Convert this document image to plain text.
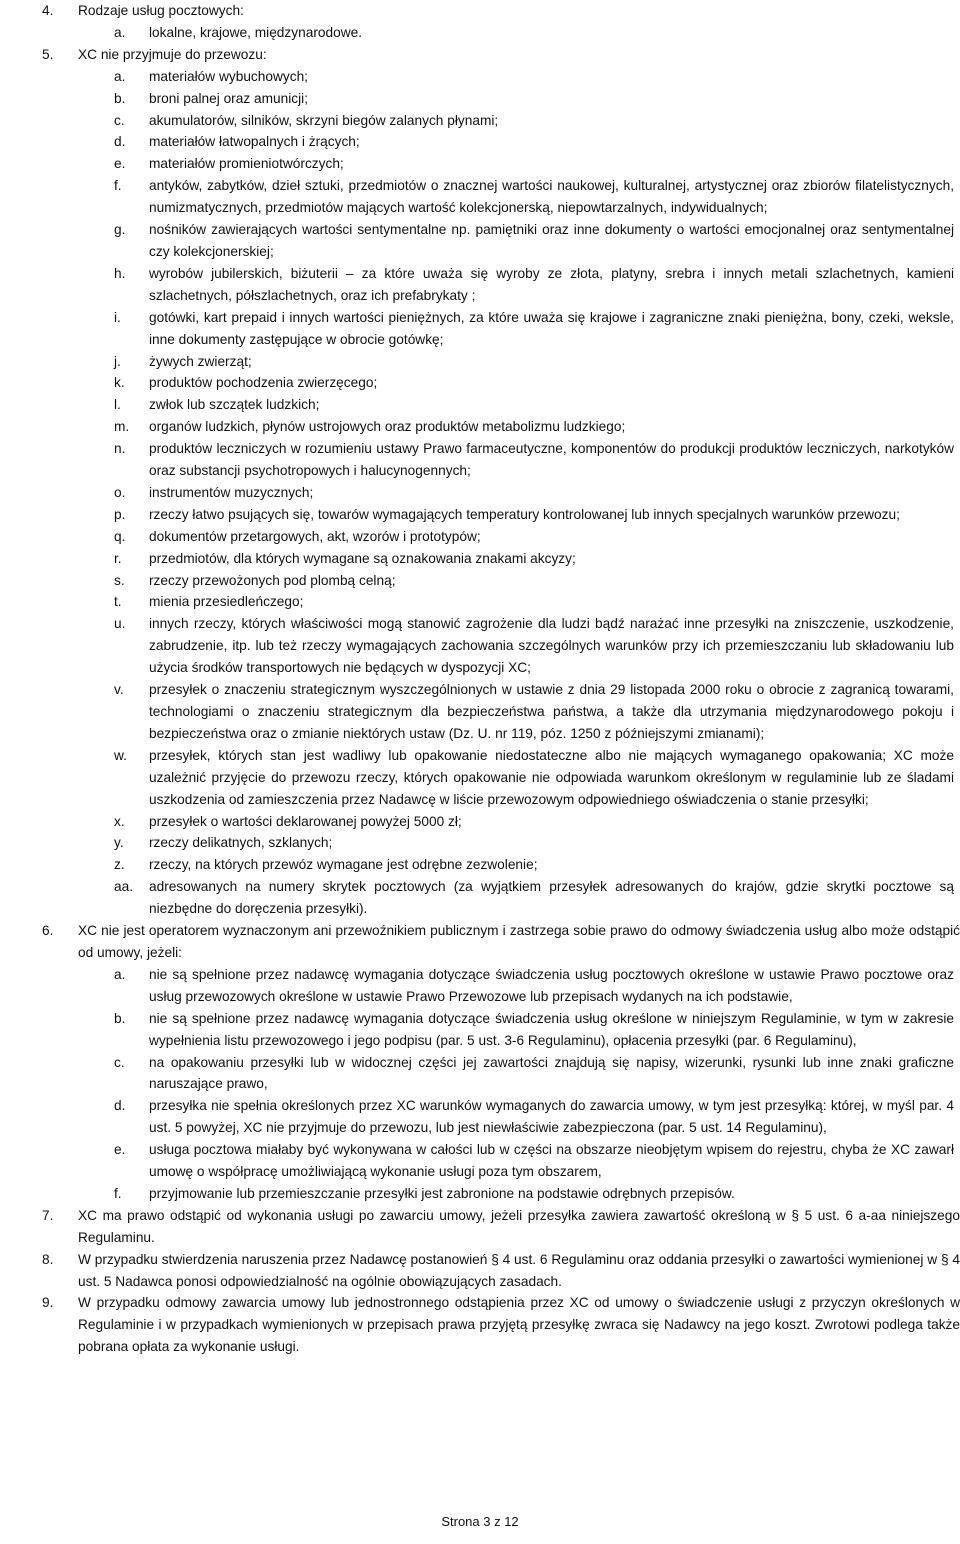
4. Rodzaje usług pocztowych:
a. lokalne, krajowe, międzynarodowe.
5. XC nie przyjmuje do przewozu:
a. materiałów wybuchowych;
b. broni palnej oraz amunicji;
c. akumulatorów, silników, skrzyni biegów zalanych płynami;
d. materiałów łatwopalnych i żrących;
e. materiałów promieniotwórczych;
f. antyków, zabytków, dzieł sztuki, przedmiotów o znacznej wartości naukowej, kulturalnej, artystycznej oraz zbiorów filatelistycznych, numizmatycznych, przedmiotów mających wartość kolekcjonerską, niepowtarzalnych, indywidualnych;
g. nośników zawierających wartości sentymentalne np. pamiętniki oraz inne dokumenty o wartości emocjonalnej oraz sentymentalnej czy kolekcjonerskiej;
h. wyrobów jubilerskich, biżuterii – za które uważa się wyroby ze złota, platyny, srebra i innych metali szlachetnych, kamieni szlachetnych, półszlachetnych, oraz ich prefabrykaty ;
i. gotówki, kart prepaid i innych wartości pieniężnych, za które uważa się krajowe i zagraniczne znaki pieniężna, bony, czeki, weksle, inne dokumenty zastępujące w obrocie gotówkę;
j. żywych zwierząt;
k. produktów pochodzenia zwierzęcego;
l. zwłok lub szczątek ludzkich;
m. organów ludzkich, płynów ustrojowych oraz produktów metabolizmu ludzkiego;
n. produktów leczniczych w rozumieniu ustawy Prawo farmaceutyczne, komponentów do produkcji produktów leczniczych, narkotyków oraz substancji psychotropowych i halucynogennych;
o. instrumentów muzycznych;
p. rzeczy łatwo psujących się, towarów wymagających temperatury kontrolowanej lub innych specjalnych warunków przewozu;
q. dokumentów przetargowych, akt, wzorów i prototypów;
r. przedmiotów, dla których wymagane są oznakowania znakami akcyzy;
s. rzeczy przewożonych pod plombą celną;
t. mienia przesiedleńczego;
u. innych rzeczy, których właściwości mogą stanowić zagrożenie dla ludzi bądź narażać inne przesyłki na zniszczenie, uszkodzenie, zabrudzenie, itp. lub też rzeczy wymagających zachowania szczególnych warunków przy ich przemieszczaniu lub składowaniu lub użycia środków transportowych nie będących w dyspozycji XC;
v. przesyłek o znaczeniu strategicznym wyszczególnionych w ustawie z dnia 29 listopada 2000 roku o obrocie z zagranicą towarami, technologiami o znaczeniu strategicznym dla bezpieczeństwa państwa, a także dla utrzymania międzynarodowego pokoju i bezpieczeństwa oraz o zmianie niektórych ustaw (Dz. U. nr 119, póz. 1250 z późniejszymi zmianami);
w. przesyłek, których stan jest wadliwy lub opakowanie niedostateczne albo nie mających wymaganego opakowania; XC może uzależnić przyjęcie do przewozu rzeczy, których opakowanie nie odpowiada warunkom określonym w regulaminie lub ze śladami uszkodzenia od zamieszczenia przez Nadawcę w liście przewozowym odpowiedniego oświadczenia o stanie przesyłki;
x. przesyłek o wartości deklarowanej powyżej 5000 zł;
y. rzeczy delikatnych, szklanych;
z. rzeczy, na których przewóz wymagane jest odrębne zezwolenie;
aa. adresowanych na numery skrytek pocztowych (za wyjątkiem przesyłek adresowanych do krajów, gdzie skrytki pocztowe są niezbędne do doręczenia przesyłki).
6. XC nie jest operatorem wyznaczonym ani przewoźnikiem publicznym i zastrzega sobie prawo do odmowy świadczenia usług albo może odstąpić od umowy, jeżeli:
a. nie są spełnione przez nadawcę wymagania dotyczące świadczenia usług pocztowych określone w ustawie Prawo pocztowe oraz usług przewozowych określone w ustawie Prawo Przewozowe lub przepisach wydanych na ich podstawie,
b. nie są spełnione przez nadawcę wymagania dotyczące świadczenia usług określone w niniejszym Regulaminie, w tym w zakresie wypełnienia listu przewozowego i jego podpisu (par. 5 ust. 3-6 Regulaminu), opłacenia przesyłki (par. 6 Regulaminu),
c. na opakowaniu przesyłki lub w widocznej części jej zawartości znajdują się napisy, wizerunki, rysunki lub inne znaki graficzne naruszające prawo,
d. przesyłka nie spełnia określonych przez XC warunków wymaganych do zawarcia umowy, w tym jest przesyłką: której, w myśl par. 4 ust. 5 powyżej, XC nie przyjmuje do przewozu, lub jest niewłaściwie zabezpieczona (par. 5 ust. 14 Regulaminu),
e. usługa pocztowa miałaby być wykonywana w całości lub w części na obszarze nieobjętym wpisem do rejestru, chyba że XC zawarł umowę o współpracę umożliwiającą wykonanie usługi poza tym obszarem,
f. przyjmowanie lub przemieszczanie przesyłki jest zabronione na podstawie odrębnych przepisów.
7. XC ma prawo odstąpić od wykonania usługi po zawarciu umowy, jeżeli przesyłka zawiera zawartość określoną w § 5 ust. 6 a-aa niniejszego Regulaminu.
8. W przypadku stwierdzenia naruszenia przez Nadawcę postanowień § 4 ust. 6 Regulaminu oraz oddania przesyłki o zawartości wymienionej w § 4 ust. 5 Nadawca ponosi odpowiedzialność na ogólnie obowiązujących zasadach.
9. W przypadku odmowy zawarcia umowy lub jednostronnego odstąpienia przez XC od umowy o świadczenie usługi z przyczyn określonych w Regulaminie i w przypadkach wymienionych w przepisach prawa przyjętą przesyłkę zwraca się Nadawcy na jego koszt. Zwrotowi podlega także pobrana opłata za wykonanie usługi.
Strona 3 z 12
